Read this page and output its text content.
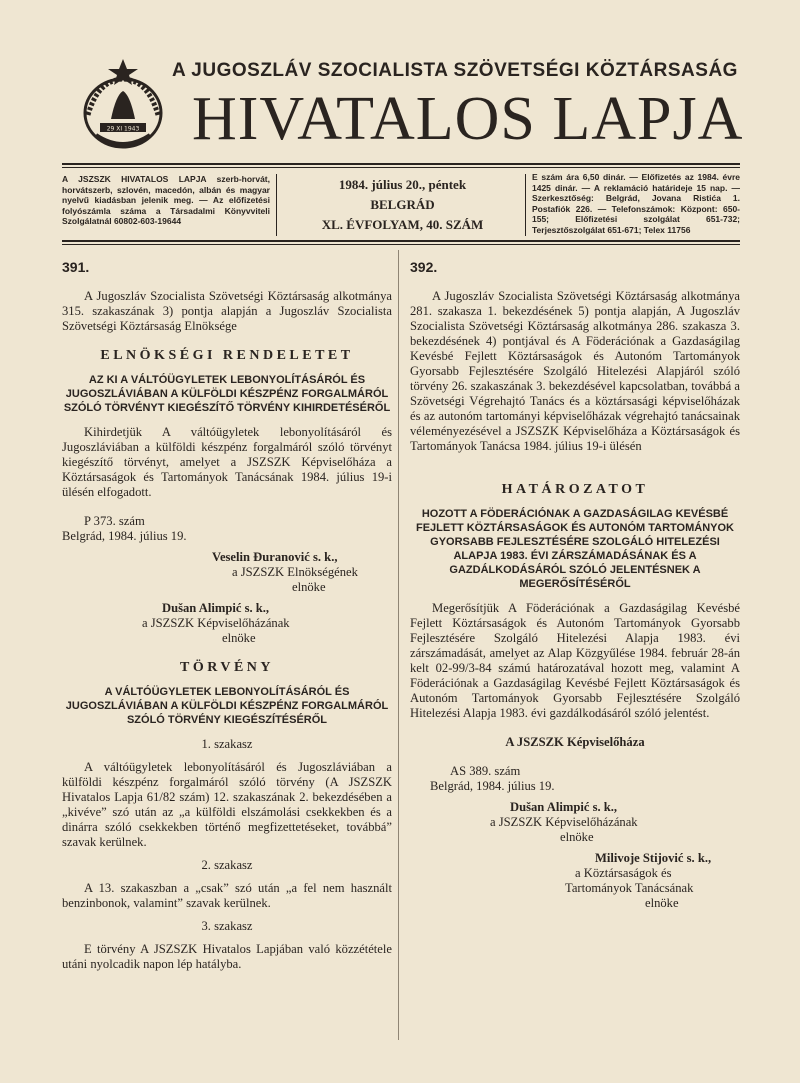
29 XI 1943
A JUGOSZLÁV SZOCIALISTA SZÖVETSÉGI KÖZTÁRSASÁG
HIVATALOS LAPJA
A JSZSZK HIVATALOS LAPJA szerb-horvát, horvátszerb, szlovén, macedón, albán és magyar nyelvű kiadásban jelenik meg. — Az előfizetési folyószámla száma a Társadalmi Könyvviteli Szolgálatnál 60802-603-19644
1984. július 20., péntek
BELGRÁD
XL. ÉVFOLYAM, 40. SZÁM
E szám ára 6,50 dinár. — Előfizetés az 1984. évre 1425 dinár. — A reklamáció határideje 15 nap. — Szerkesztőség: Belgrád, Jovana Ristića 1. Postafiók 226. — Telefonszámok: Központ: 650-155; Előfizetési szolgálat 651-732; Terjesztőszolgálat 651-671; Telex 11756
391.

A Jugoszláv Szocialista Szövetségi Köztársaság alkotmánya 315. szakaszának 3) pontja alapján a Jugoszláv Szocialista Szövetségi Köztársaság Elnöksége

ELNÖKSÉGI RENDELETET
AZ KI A VÁLTÓÜGYLETEK LEBONYOLÍTÁSÁRÓL ÉS JUGOSZLÁVIÁBAN A KÜLFÖLDI KÉSZPÉNZ FORGALMÁRÓL SZÓLÓ TÖRVÉNYT KIEGÉSZÍTŐ TÖRVÉNY KIHIRDETÉSÉRŐL

Kihirdetjük A váltóügyletek lebonyolításáról és Jugoszláviában a külföldi készpénz forgalmáról szóló törvényt kiegészítő törvényt, amelyet a JSZSZK Képviselőháza a Köztársaságok és Tartományok Tanácsának 1984. július 19-i ülésén elfogadott.

P 373. szám

Belgrád, 1984. július 19.

Veselin Đuranović s. k.,

a JSZSZK Elnökségének

elnöke

Dušan Alimpić s. k.,

a JSZSZK Képviselőházának

elnöke

TÖRVÉNY
A VÁLTÓÜGYLETEK LEBONYOLÍTÁSÁRÓL ÉS JUGOSZLÁVIÁBAN A KÜLFÖLDI KÉSZPÉNZ FORGALMÁRÓL SZÓLÓ TÖRVÉNY KIEGÉSZÍTÉSÉRŐL

1. szakasz

A váltóügyletek lebonyolításáról és Jugoszláviában a külföldi készpénz forgalmáról szóló törvény (A JSZSZK Hivatalos Lapja 61/82 szám) 12. szakaszának 2. bekezdésében a „kivéve” szó után az „a külföldi elszámolási csekkekben és a dinárra szóló csekkekben történő megfizettetéseket, továbbá” szavak kerülnek.

2. szakasz

A 13. szakaszban a „csak” szó után „a fel nem használt benzinbonok, valamint” szavak kerülnek.

3. szakasz

E törvény A JSZSZK Hivatalos Lapjában való közzététele utáni nyolcadik napon lép hatályba.

392.

A Jugoszláv Szocialista Szövetségi Köztársaság alkotmánya 281. szakasza 1. bekezdésének 5) pontja alapján, A Jugoszláv Szocialista Szövetségi Köztársaság alkotmánya 286. szakasza 3. bekezdésének 4) pontjával és A Föderációnak a Gazdaságilag Kevésbé Fejlett Köztársaságok és Autonóm Tartományok Gyorsabb Fejlesztésére Szolgáló Hitelezési Alapjáról szóló törvény 26. szakaszának 3. bekezdésével kapcsolatban, továbbá a Szövetségi Végrehajtó Tanács és a köztársasági képviselőházak és az autonóm tartományi képviselőházak végrehajtó tanácsainak véleményezésével a JSZSZK Képviselőháza a Köztársaságok és Tartományok Tanácsa 1984. július 19-i ülésén

HATÁROZATOT
HOZOTT A FÖDERÁCIÓNAK A GAZDASÁGILAG KEVÉSBÉ FEJLETT KÖZTÁRSASÁGOK ÉS AUTONÓM TARTOMÁNYOK GYORSABB FEJLESZTÉSÉRE SZOLGÁLÓ HITELEZÉSI ALAPJA 1983. ÉVI ZÁRSZÁMADÁSÁNAK ÉS A GAZDÁLKODÁSÁRÓL SZÓLÓ JELENTÉSNEK A MEGERŐSÍTÉSÉRŐL

Megerősítjük A Föderációnak a Gazdaságilag Kevésbé Fejlett Köztársaságok és Autonóm Tartományok Gyorsabb Fejlesztésére Szolgáló Hitelezési Alapja 1983. évi zárszámadását, amelyet az Alap Közgyűlése 1984. február 28-án kelt 02-99/3-84 számú határozatával hozott meg, valamint A Föderációnak a Gazdaságilag Kevésbé Fejlett Köztársaságok és Autonóm Tartományok Gyorsabb Fejlesztésére Szolgáló Hitelezési Alapja 1983. évi gazdálkodásáról szóló jelentést.

A JSZSZK Képviselőháza

AS 389. szám

Belgrád, 1984. július 19.

Dušan Alimpić s. k.,

a JSZSZK Képviselőházának

elnöke

Milivoje Stijović s. k.,

a Köztársaságok és

Tartományok Tanácsának

elnöke
